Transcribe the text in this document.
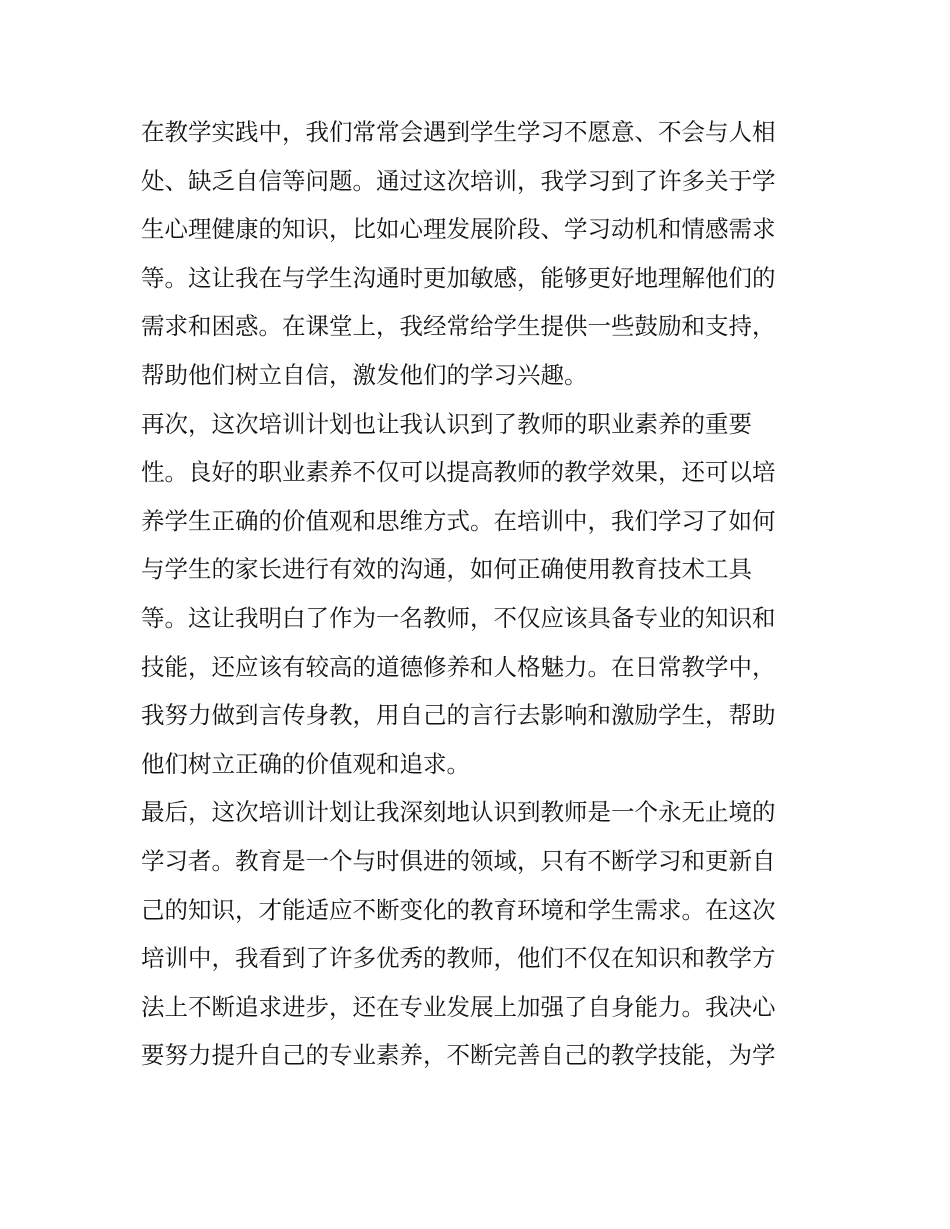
在教学实践中，我们常常会遇到学生学习不愿意、不会与人相
处、缺乏自信等问题。通过这次培训，我学习到了许多关于学
生心理健康的知识，比如心理发展阶段、学习动机和情感需求
等。这让我在与学生沟通时更加敏感，能够更好地理解他们的
需求和困惑。在课堂上，我经常给学生提供一些鼓励和支持，
帮助他们树立自信，激发他们的学习兴趣。
再次，这次培训计划也让我认识到了教师的职业素养的重要
性。良好的职业素养不仅可以提高教师的教学效果，还可以培
养学生正确的价值观和思维方式。在培训中，我们学习了如何
与学生的家长进行有效的沟通，如何正确使用教育技术工具
等。这让我明白了作为一名教师，不仅应该具备专业的知识和
技能，还应该有较高的道德修养和人格魅力。在日常教学中，
我努力做到言传身教，用自己的言行去影响和激励学生，帮助
他们树立正确的价值观和追求。
最后，这次培训计划让我深刻地认识到教师是一个永无止境的
学习者。教育是一个与时俱进的领域，只有不断学习和更新自
己的知识，才能适应不断变化的教育环境和学生需求。在这次
培训中，我看到了许多优秀的教师，他们不仅在知识和教学方
法上不断追求进步，还在专业发展上加强了自身能力。我决心
要努力提升自己的专业素养，不断完善自己的教学技能，为学
